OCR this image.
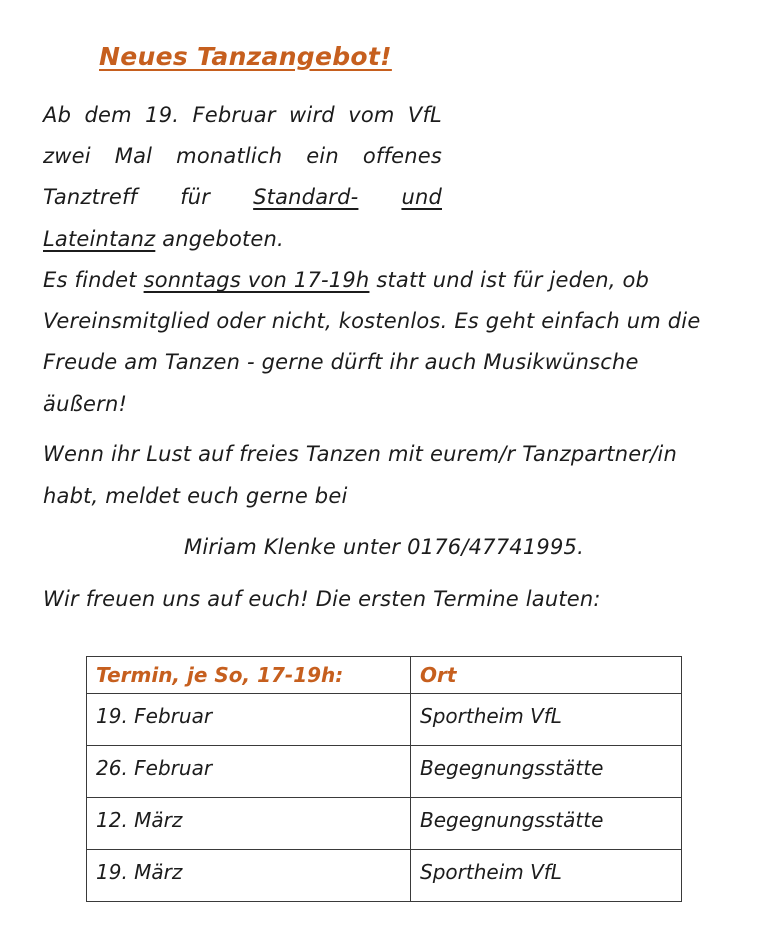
Neues Tanzangebot!
Ab dem 19. Februar wird vom VfL
zwei Mal monatlich ein offenes
Tanztreff für Standard- und
Lateintanz angeboten.
Es findet sonntags von 17-19h statt und ist für jeden, ob
Vereinsmitglied oder nicht, kostenlos. Es geht einfach um die
Freude am Tanzen - gerne dürft ihr auch Musikwünsche
äußern!
Wenn ihr Lust auf freies Tanzen mit eurem/r Tanzpartner/in
habt, meldet euch gerne bei
Miriam Klenke unter 0176/47741995.
Wir freuen uns auf euch! Die ersten Termine lauten:
Termin, je So, 17-19h:	Ort
19. Februar	Sportheim VfL
26. Februar	Begegnungsstätte
12. März	Begegnungsstätte
19. März	Sportheim VfL
